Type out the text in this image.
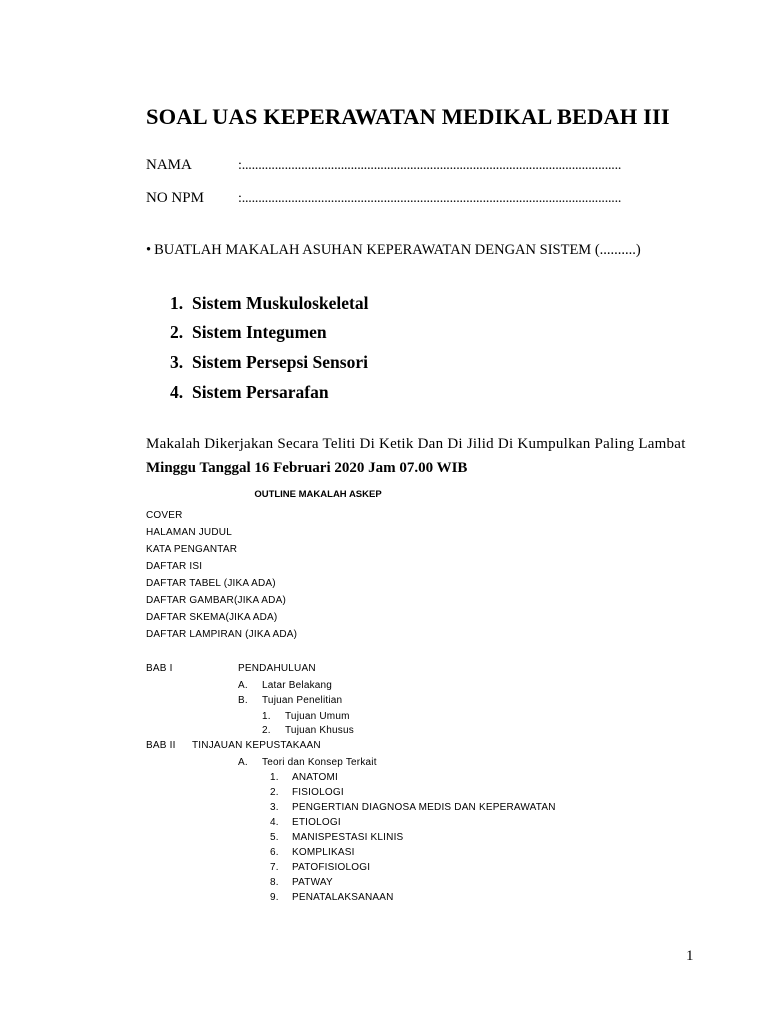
SOAL UAS KEPERAWATAN MEDIKAL BEDAH III
NAMA	:...................................................................................................................
NO NPM :...................................................................................................................
• BUATLAH MAKALAH ASUHAN KEPERAWATAN DENGAN SISTEM (..........)
1. Sistem Muskuloskeletal
2. Sistem Integumen
3. Sistem Persepsi Sensori
4. Sistem Persarafan
Makalah Dikerjakan Secara Teliti Di Ketik Dan Di Jilid Di Kumpulkan Paling Lambat
Minggu Tanggal 16 Februari 2020 Jam 07.00 WIB
OUTLINE MAKALAH ASKEP
COVER
HALAMAN JUDUL
KATA PENGANTAR
DAFTAR ISI
DAFTAR TABEL (JIKA ADA)
DAFTAR GAMBAR(JIKA ADA)
DAFTAR SKEMA(JIKA ADA)
DAFTAR LAMPIRAN (JIKA ADA)
BAB I	PENDAHULUAN
A. Latar Belakang
B. Tujuan Penelitian
1. Tujuan Umum
2. Tujuan Khusus
BAB II TINJAUAN KEPUSTAKAAN
A. Teori dan Konsep Terkait
1. ANATOMI
2. FISIOLOGI
3. PENGERTIAN DIAGNOSA MEDIS DAN KEPERAWATAN
4. ETIOLOGI
5. MANISPESTASI KLINIS
6. KOMPLIKASI
7. PATOFISIOLOGI
8. PATWAY
9. PENATALAKSANAAN
1
